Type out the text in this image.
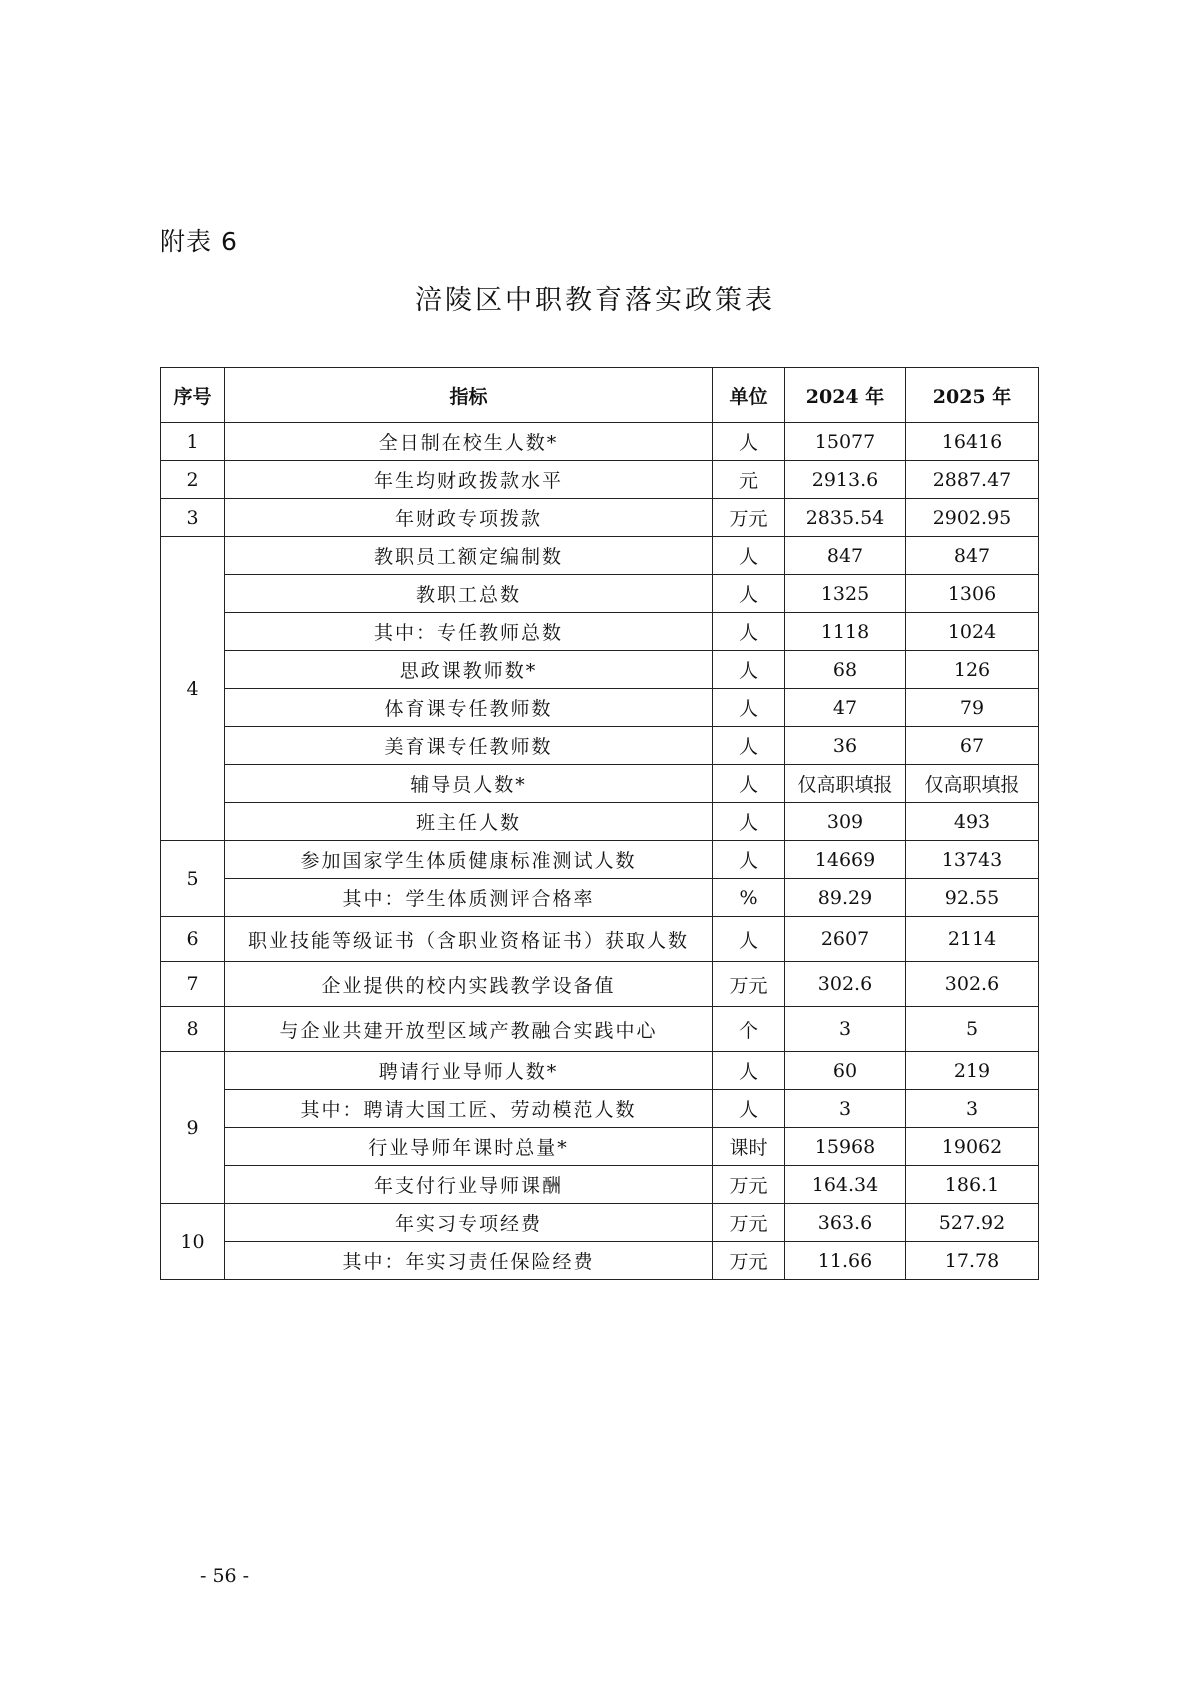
附表 6
涪陵区中职教育落实政策表
序号	指标	单位	2024 年	2025 年
1	全日制在校生人数*	人	15077	16416
2	年生均财政拨款水平	元	2913.6	2887.47
3	年财政专项拨款	万元	2835.54	2902.95
4	教职员工额定编制数	人	847	847
	教职工总数	人	1325	1306
	其中：专任教师总数	人	1118	1024
	思政课教师数*	人	68	126
	体育课专任教师数	人	47	79
	美育课专任教师数	人	36	67
	辅导员人数*	人	仅高职填报	仅高职填报
	班主任人数	人	309	493
5	参加国家学生体质健康标准测试人数	人	14669	13743
	其中：学生体质测评合格率	%	89.29	92.55
6	职业技能等级证书（含职业资格证书）获取人数	人	2607	2114
7	企业提供的校内实践教学设备值	万元	302.6	302.6
8	与企业共建开放型区域产教融合实践中心	个	3	5
9	聘请行业导师人数*	人	60	219
	其中：聘请大国工匠、劳动模范人数	人	3	3
	行业导师年课时总量*	课时	15968	19062
	年支付行业导师课酬	万元	164.34	186.1
10	年实习专项经费	万元	363.6	527.92
	其中：年实习责任保险经费	万元	11.66	17.78
- 56 -
